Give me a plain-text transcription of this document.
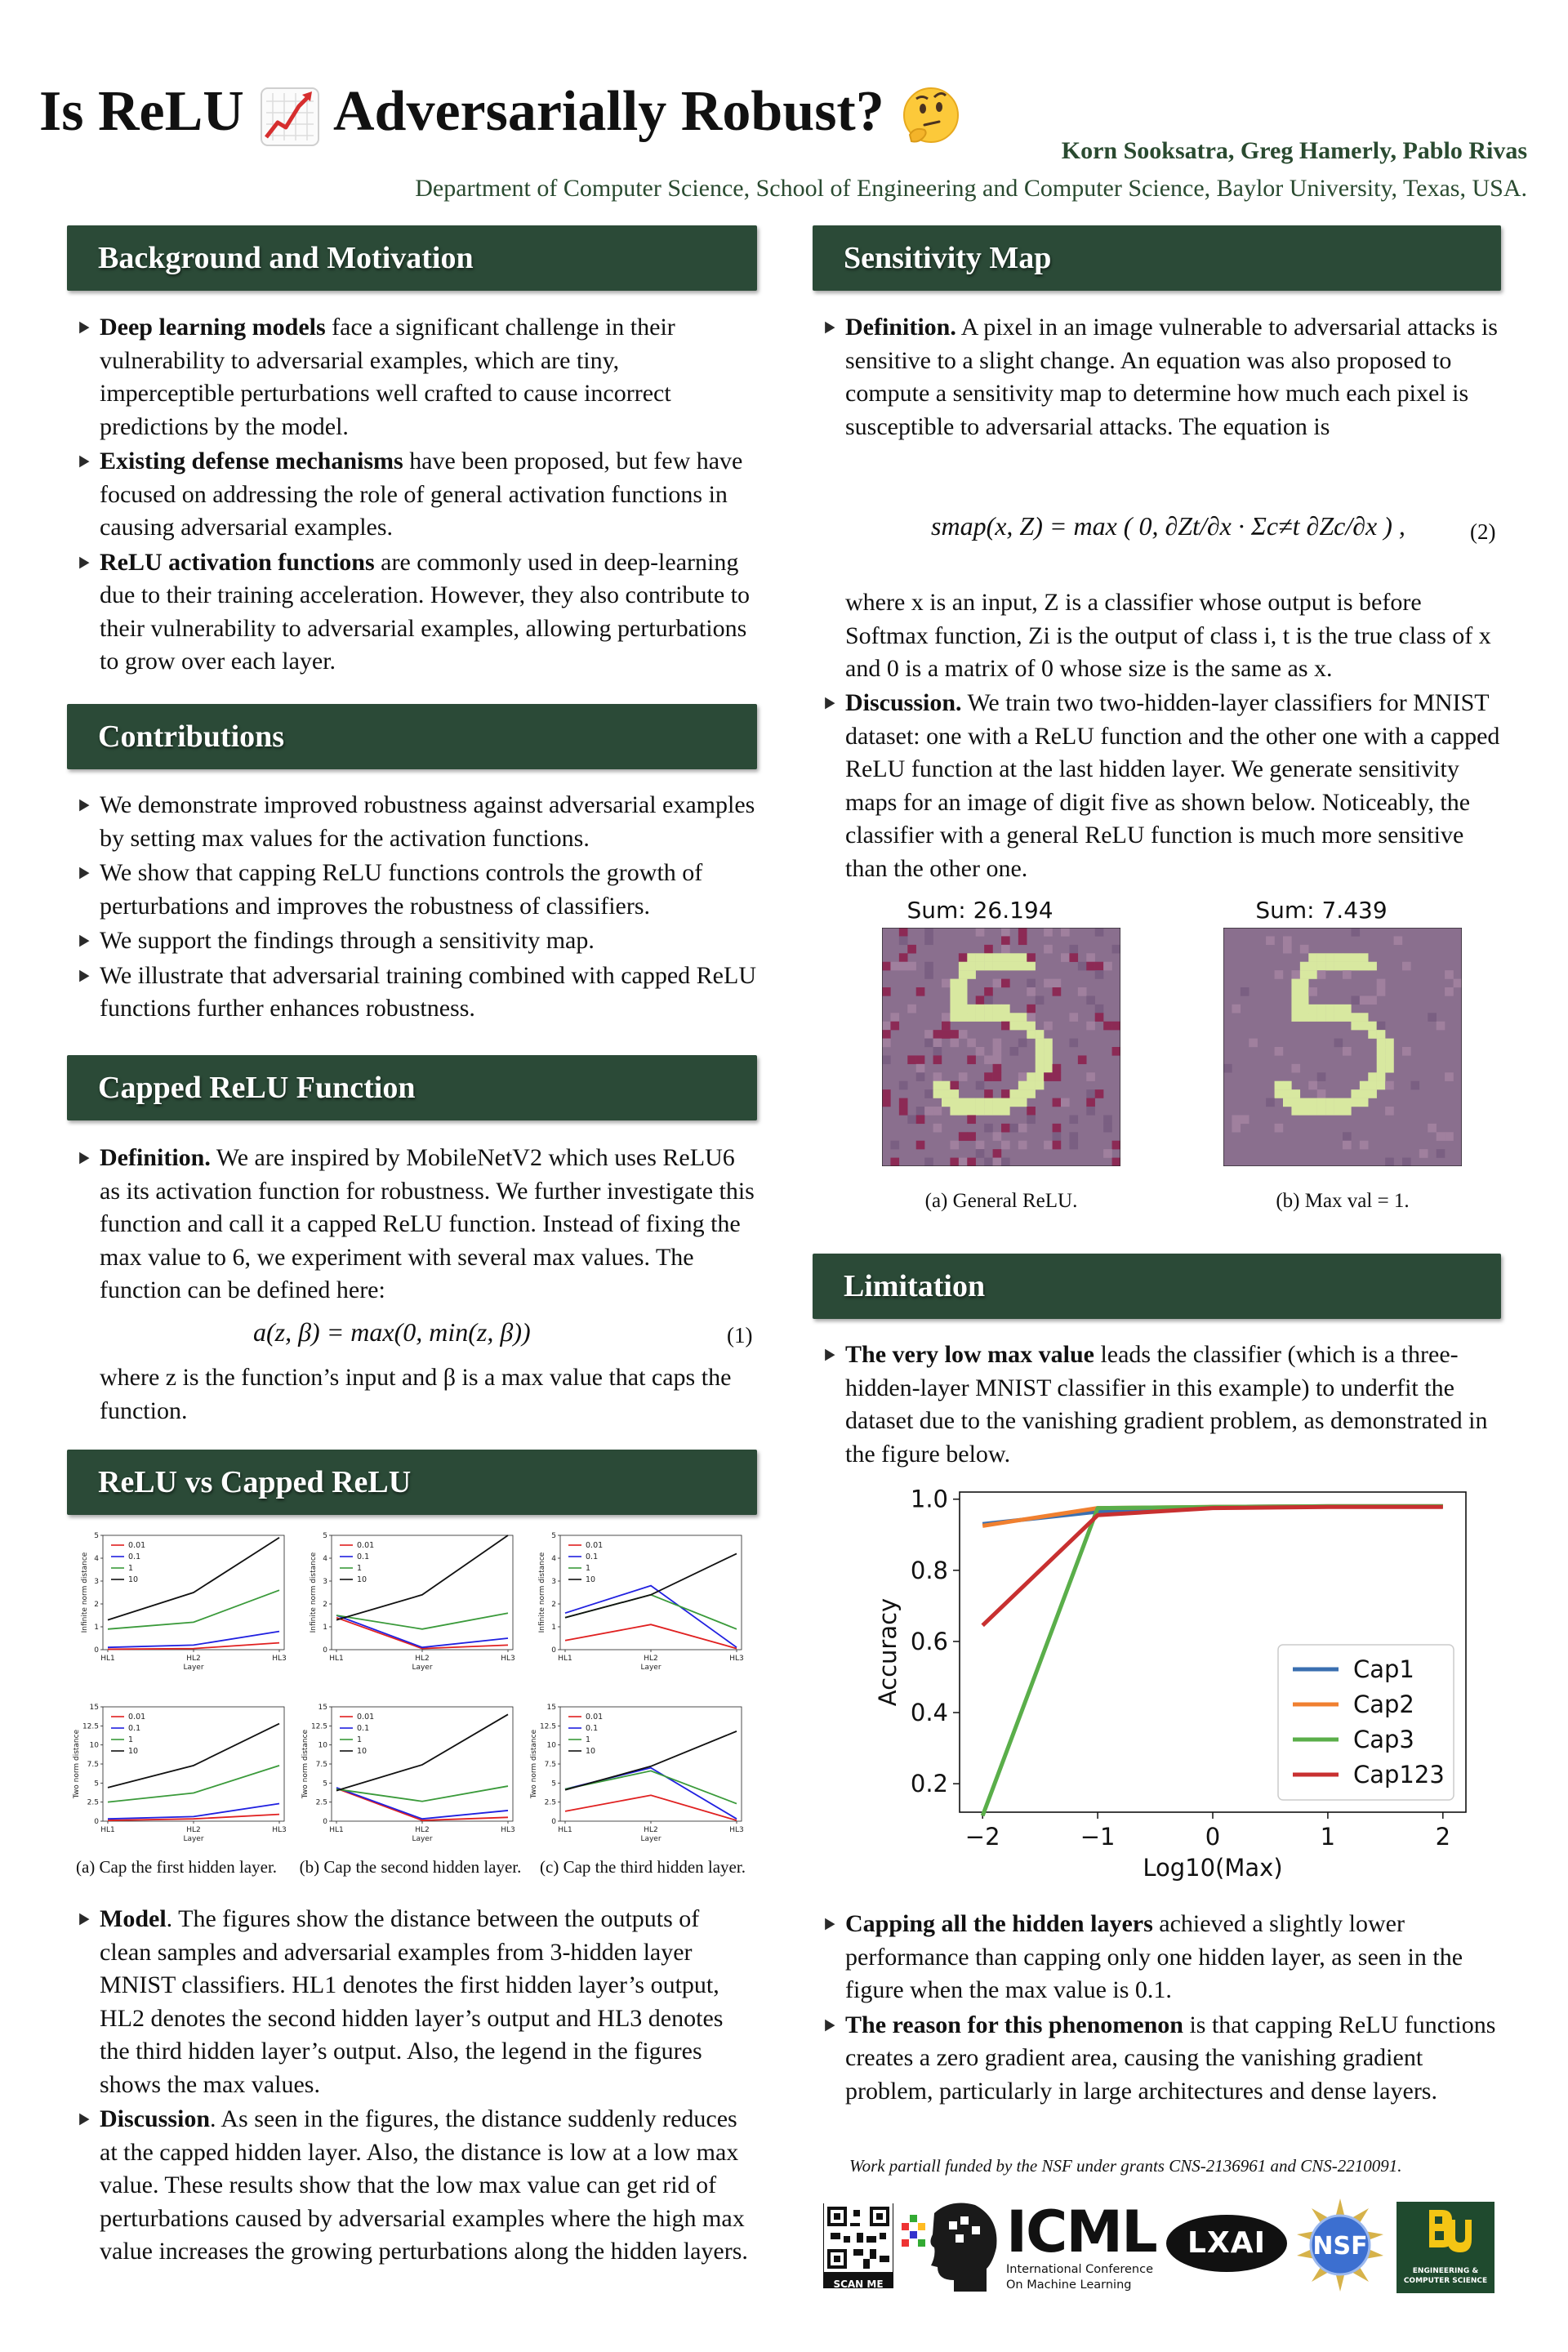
Is ReLU Adversarially Robust?
Korn Sooksatra, Greg Hamerly, Pablo Rivas
Department of Computer Science, School of Engineering and Computer Science, Baylor University, Texas, USA.
Background and Motivation
▶ Deep learning models face a significant challenge in their vulnerability to adversarial examples, which are tiny, imperceptible perturbations well crafted to cause incorrect predictions by the model.
▶ Existing defense mechanisms have been proposed, but few have focused on addressing the role of general activation functions in causing adversarial examples.
▶ ReLU activation functions are commonly used in deep-learning due to their training acceleration. However, they also contribute to their vulnerability to adversarial examples, allowing perturbations to grow over each layer.
Contributions
▶ We demonstrate improved robustness against adversarial examples by setting max values for the activation functions.
▶ We show that capping ReLU functions controls the growth of perturbations and improves the robustness of classifiers.
▶ We support the findings through a sensitivity map.
▶ We illustrate that adversarial training combined with capped ReLU functions further enhances robustness.
Capped ReLU Function
▶ Definition. We are inspired by MobileNetV2 which uses ReLU6 as its activation function for robustness. We further investigate this function and call it a capped ReLU function. Instead of fixing the max value to 6, we experiment with several max values. The function can be defined here:
a(z, β) = max(0, min(z, β))	(1)
where z is the function’s input and β is a max value that caps the function.
ReLU vs Capped ReLU
0
1
2
3
4
5
HL1	HL2	HL3
Layer
Infinite norm distance
0.01
0.1
1
10
0
1
2
3
4
5
HL1	HL2	HL3
Layer
Infinite norm distance
0.01
0.1
1
10
0
1
2
3
4
5
HL1	HL2	HL3
Layer
Infinite norm distance
0.01
0.1
1
10
0
2.5
5
7.5
10
12.5
15
HL1	HL2	HL3
Layer
Two norm distance
0.01
0.1
1
10
0
2.5
5
7.5
10
12.5
15
HL1	HL2	HL3
Layer
Two norm distance
0.01
0.1
1
10
0
2.5
5
7.5
10
12.5
15
HL1	HL2	HL3
Layer
Two norm distance
0.01
0.1
1
10
(a) Cap the first hidden layer. (b) Cap the second hidden layer. (c) Cap the third hidden layer.
▶ Model. The figures show the distance between the outputs of clean samples and adversarial examples from 3-hidden layer MNIST classifiers. HL1 denotes the first hidden layer’s output, HL2 denotes the second hidden layer’s output and HL3 denotes the third hidden layer’s output. Also, the legend in the figures shows the max values.
▶ Discussion. As seen in the figures, the distance suddenly reduces at the capped hidden layer. Also, the distance is low at a low max value. These results show that the low max value can get rid of perturbations caused by adversarial examples where the high max value increases the growing perturbations along the hidden layers.
Sensitivity Map
▶ Definition. A pixel in an image vulnerable to adversarial attacks is sensitive to a slight change. An equation was also proposed to compute a sensitivity map to determine how much each pixel is susceptible to adversarial attacks. The equation is
smap(x, Z) = max ( 0, ∂Zt/∂x · Σc≠t ∂Zc/∂x ) ,	(2)
where x is an input, Z is a classifier whose output is before Softmax function, Zi is the output of class i, t is the true class of x and 0 is a matrix of 0 whose size is the same as x.
▶ Discussion. We train two two-hidden-layer classifiers for MNIST dataset: one with a ReLU function and the other one with a capped ReLU function at the last hidden layer. We generate sensitivity maps for an image of digit five as shown below. Noticeably, the classifier with a general ReLU function is much more sensitive than the other one.
Sum: 26.194	Sum: 7.439
(a) General ReLU.	(b) Max val = 1.
Limitation
▶ The very low max value leads the classifier (which is a three-hidden-layer MNIST classifier in this example) to underfit the dataset due to the vanishing gradient problem, as demonstrated in the figure below.
0.2
0.4
0.6
0.8
1.0
−2	−1	0	1	2
Log10(Max)
Accuracy	Cap1
Cap2
Cap3
Cap123
▶ Capping all the hidden layers achieved a slightly lower performance than capping only one hidden layer, as seen in the figure when the max value is 0.1.
▶ The reason for this phenomenon is that capping ReLU functions creates a zero gradient area, causing the vanishing gradient problem, particularly in large architectures and dense layers.
Work partiall funded by the NSF under grants CNS-2136961 and CNS-2210091.
SCAN ME
ICML
International Conference
On Machine Learning
LXAI	NSF
ENGINEERING &
COMPUTER SCIENCE
